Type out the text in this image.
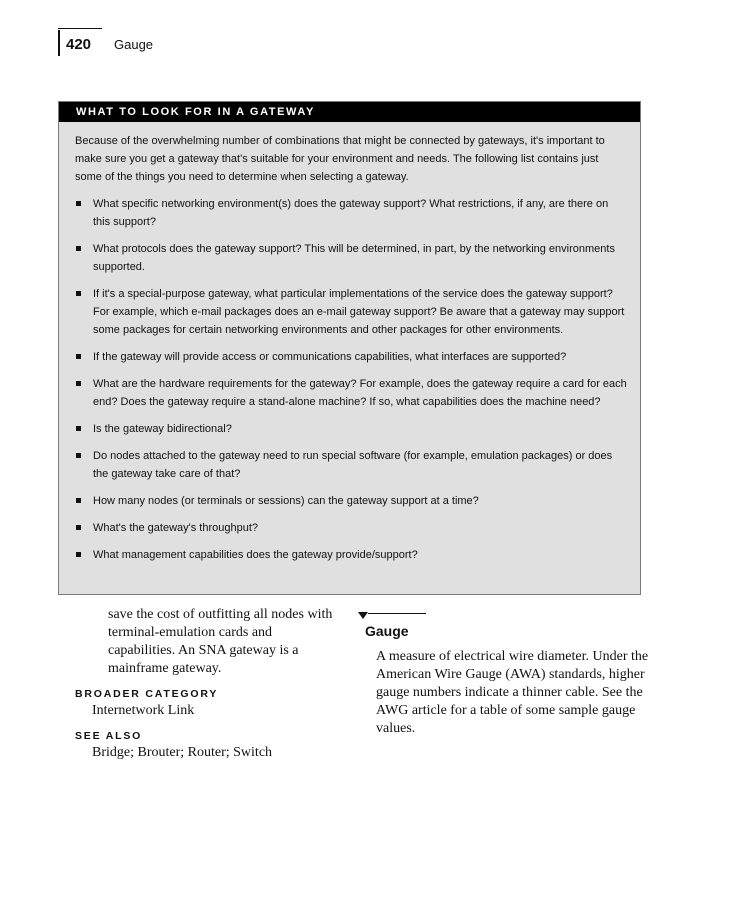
420 Gauge
WHAT TO LOOK FOR IN A GATEWAY
Because of the overwhelming number of combinations that might be connected by gateways, it's important to make sure you get a gateway that's suitable for your environment and needs. The following list contains just some of the things you need to determine when selecting a gateway.
What specific networking environment(s) does the gateway support? What restrictions, if any, are there on this support?
What protocols does the gateway support? This will be determined, in part, by the networking environments supported.
If it's a special-purpose gateway, what particular implementations of the service does the gateway support? For example, which e-mail packages does an e-mail gateway support? Be aware that a gateway may support some packages for certain networking environments and other packages for other environments.
If the gateway will provide access or communications capabilities, what interfaces are supported?
What are the hardware requirements for the gateway? For example, does the gateway require a card for each end? Does the gateway require a stand-alone machine? If so, what capabilities does the machine need?
Is the gateway bidirectional?
Do nodes attached to the gateway need to run special software (for example, emulation packages) or does the gateway take care of that?
How many nodes (or terminals or sessions) can the gateway support at a time?
What's the gateway's throughput?
What management capabilities does the gateway provide/support?
save the cost of outfitting all nodes with terminal-emulation cards and capabilities. An SNA gateway is a mainframe gateway.
BROADER CATEGORY
Internetwork Link
SEE ALSO
Bridge; Brouter; Router; Switch
Gauge
A measure of electrical wire diameter. Under the American Wire Gauge (AWA) standards, higher gauge numbers indicate a thinner cable. See the AWG article for a table of some sample gauge values.
